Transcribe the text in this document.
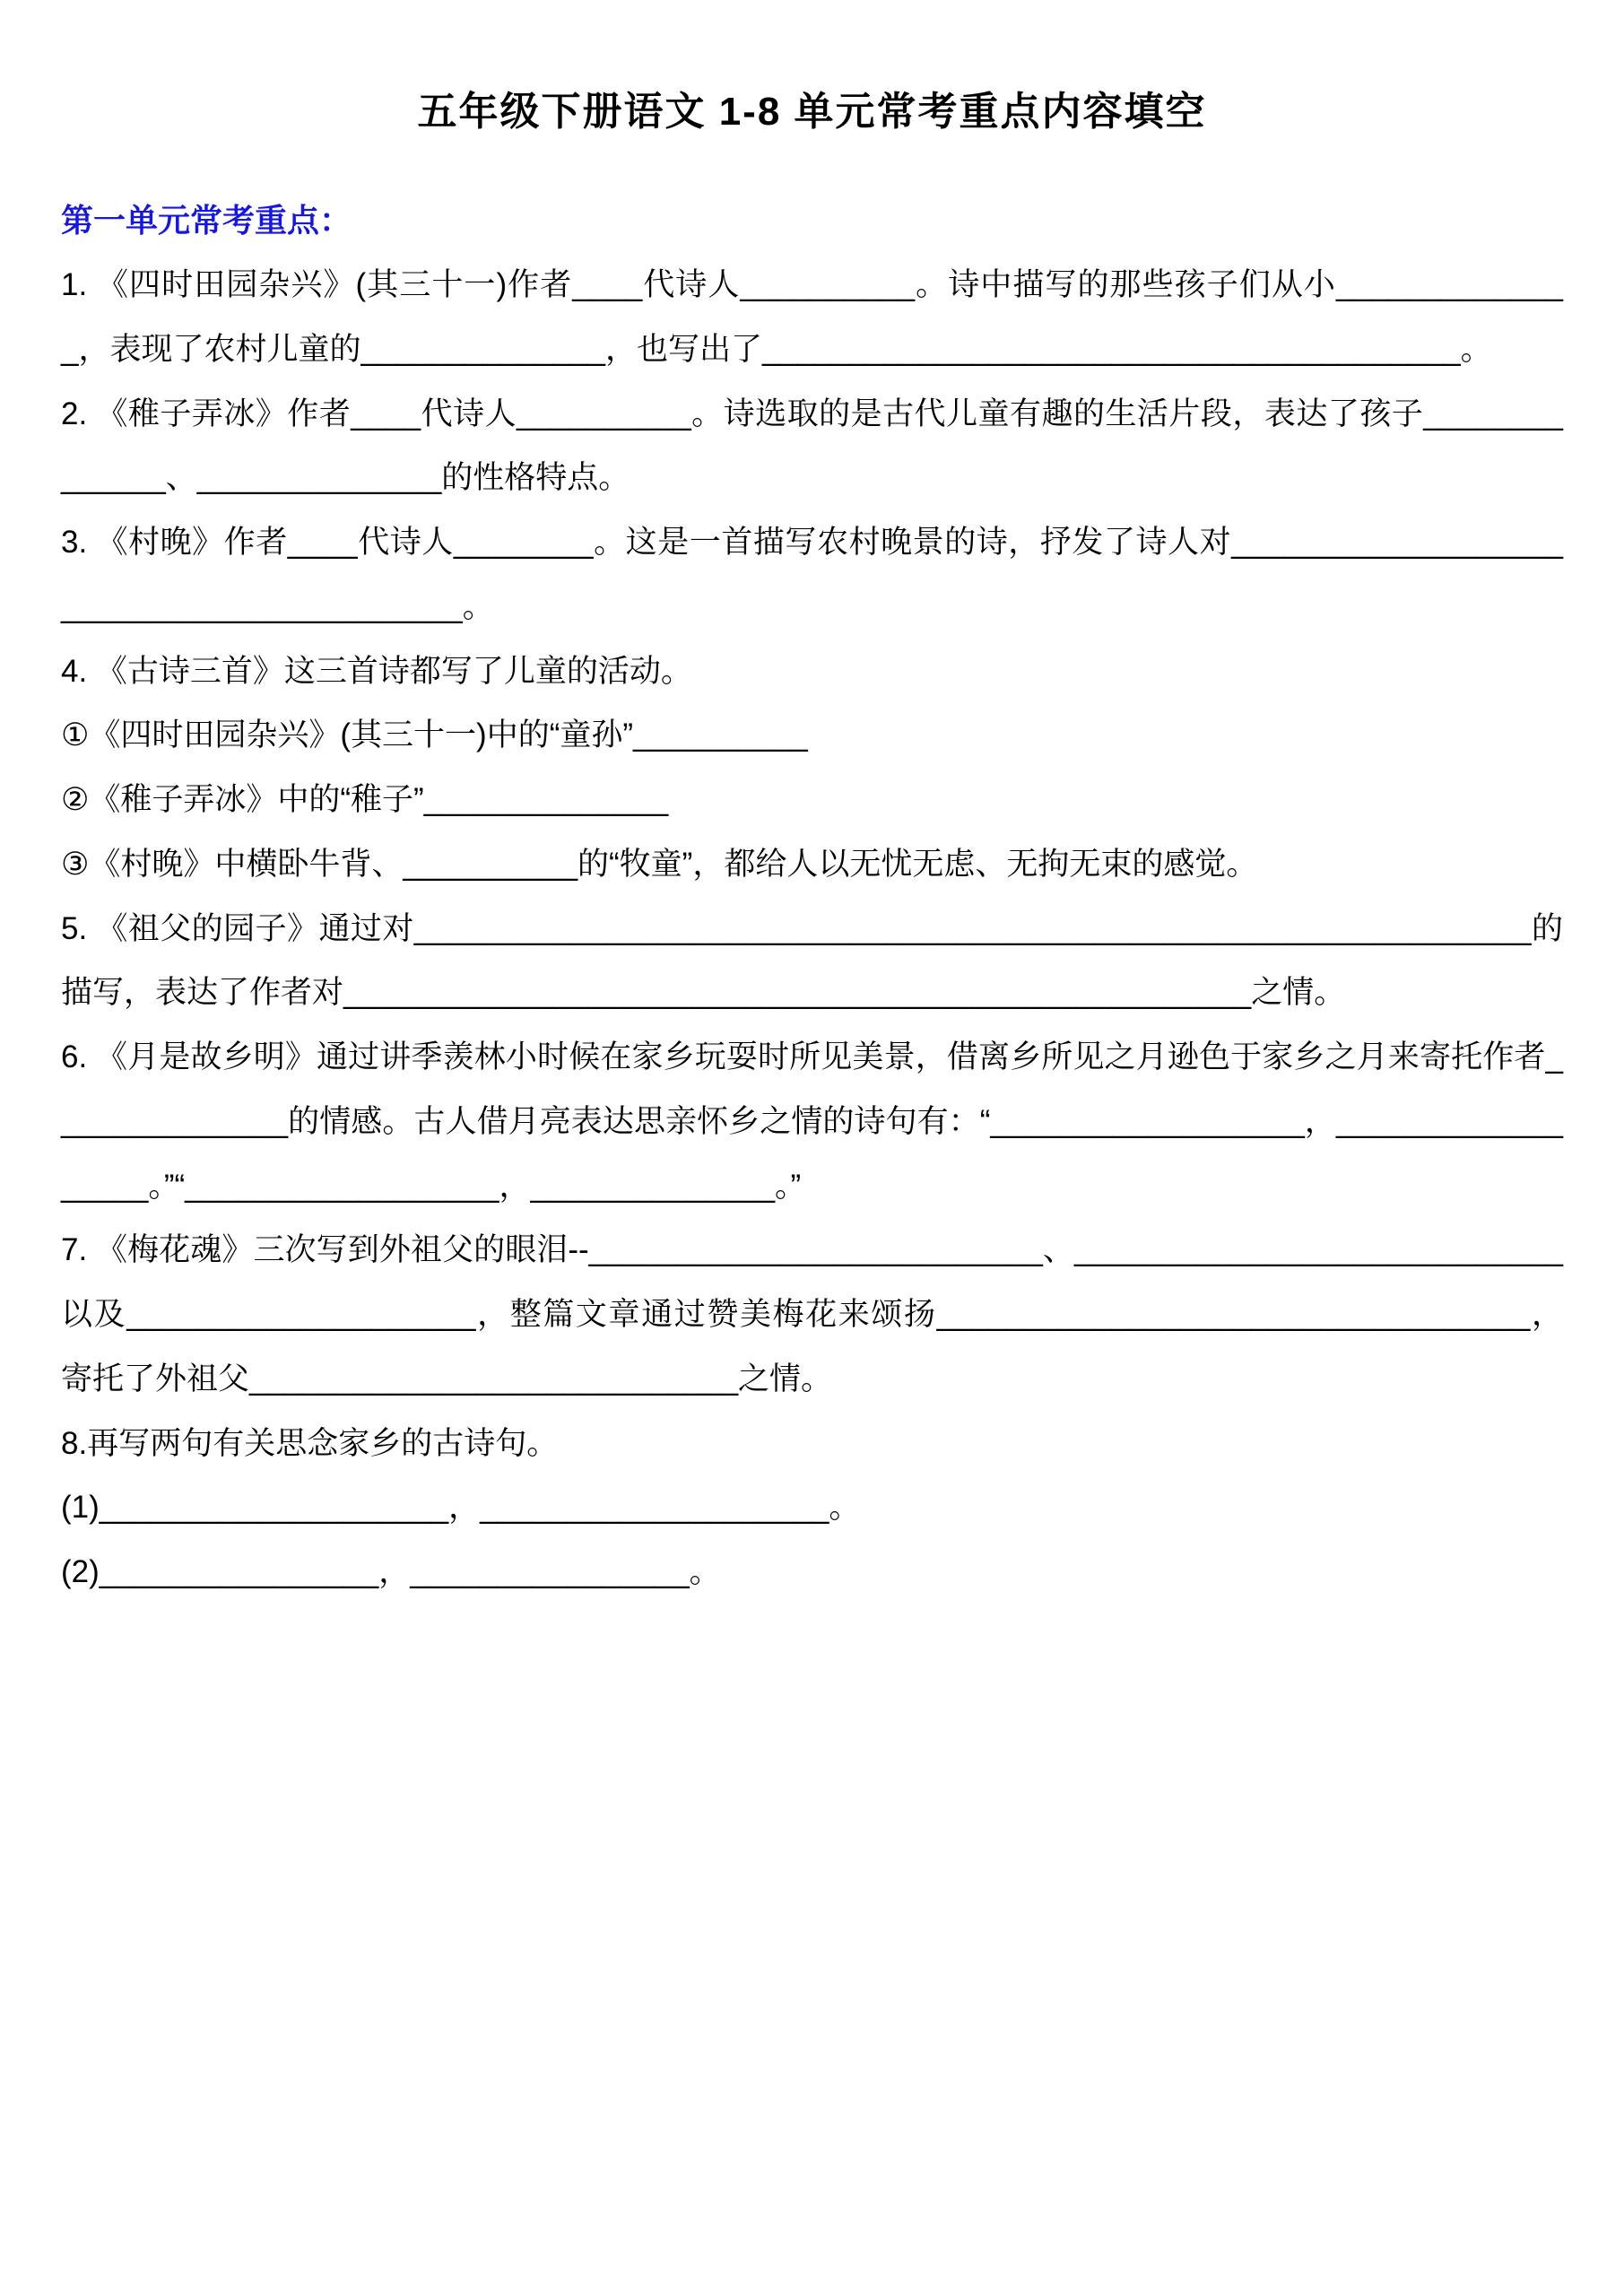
五年级下册语文 1-8 单元常考重点内容填空
第一单元常考重点：

1. 《四时田园杂兴》(其三十一)作者____代诗人__________。诗中描写的那些孩子们从小______________，表现了农村儿童的______________，也写出了________________________________________。

2. 《稚子弄冰》作者____代诗人__________。诗选取的是古代儿童有趣的生活片段，表达了孩子______________、______________的性格特点。

3. 《村晚》作者____代诗人________。这是一首描写农村晚景的诗，抒发了诗人对__________________________________________。

4. 《古诗三首》这三首诗都写了儿童的活动。

①《四时田园杂兴》(其三十一)中的“童孙”__________

②《稚子弄冰》中的“稚子”______________

③《村晚》中横卧牛背、__________的“牧童”，都给人以无忧无虑、无拘无束的感觉。

5. 《祖父的园子》通过对________________________________________________________________的描写，表达了作者对____________________________________________________之情。

6. 《月是故乡明》通过讲季羡林小时候在家乡玩耍时所见美景，借离乡所见之月逊色于家乡之月来寄托作者______________的情感。古人借月亮表达思亲怀乡之情的诗句有：“__________________，__________________。”“__________________，______________。”

7. 《梅花魂》三次写到外祖父的眼泪--__________________________、____________________________以及____________________，整篇文章通过赞美梅花来颂扬__________________________________，寄托了外祖父____________________________之情。

8.再写两句有关思念家乡的古诗句。

(1)____________________，____________________。

(2)________________，________________。
